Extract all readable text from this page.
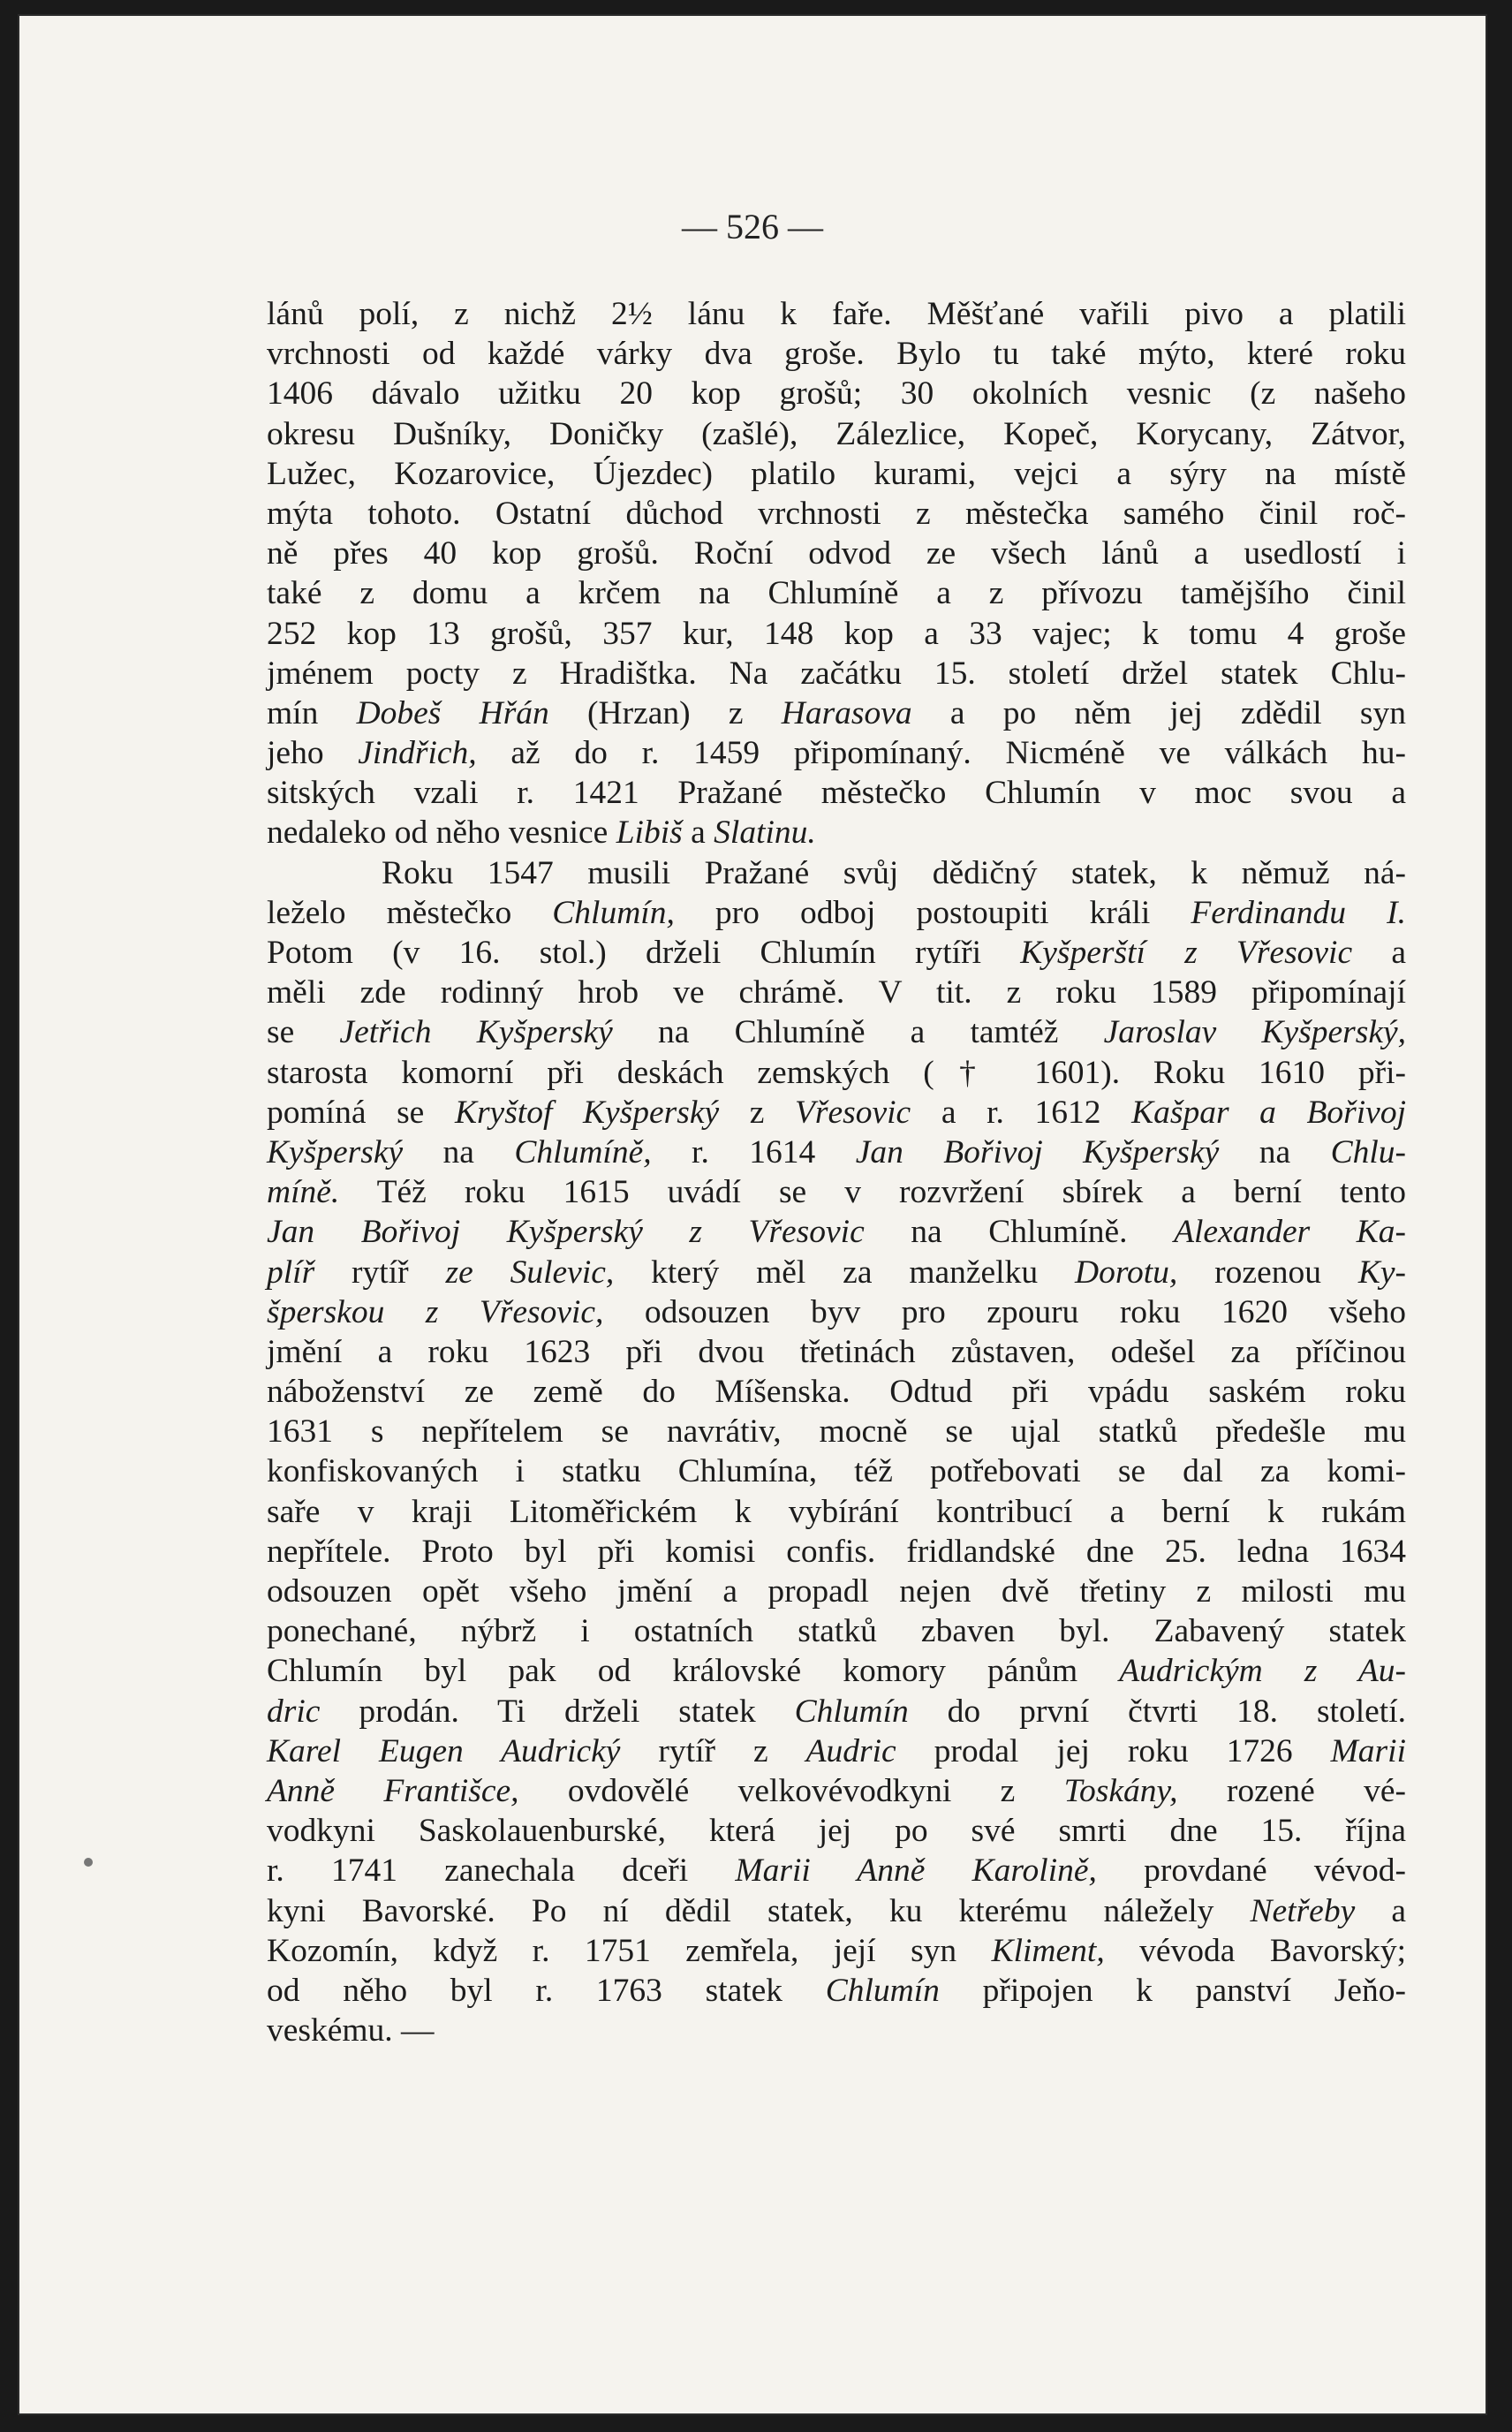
— 526 —
lánů polí, z nichž 2½ lánu k faře. Měšťané vařili pivo a platili
vrchnosti od každé várky dva groše. Bylo tu také mýto, které roku
1406 dávalo užitku 20 kop grošů; 30 okolních vesnic (z našeho
okresu Dušníky, Doničky (zašlé), Zálezlice, Kopeč, Korycany, Zátvor,
Lužec, Kozarovice, Újezdec) platilo kurami, vejci a sýry na místě
mýta tohoto. Ostatní důchod vrchnosti z městečka samého činil roč-
ně přes 40 kop grošů. Roční odvod ze všech lánů a usedlostí i
také z domu a krčem na Chlumíně a z přívozu tamějšího činil
252 kop 13 grošů, 357 kur, 148 kop a 33 vajec; k tomu 4 groše
jménem pocty z Hradištka. Na začátku 15. století držel statek Chlu-
mín Dobeš Hřán (Hrzan) z Harasova a po něm jej zdědil syn
jeho Jindřich, až do r. 1459 připomínaný. Nicméně ve válkách hu-
sitských vzali r. 1421 Pražané městečko Chlumín v moc svou a
nedaleko od něho vesnice Libiš a Slatinu.
Roku 1547 musili Pražané svůj dědičný statek, k němuž ná-
leželo městečko Chlumín, pro odboj postoupiti králi Ferdinandu I.
Potom (v 16. stol.) drželi Chlumín rytíři Kyšperští z Vřesovic a
měli zde rodinný hrob ve chrámě. V tit. z roku 1589 připomínají
se Jetřich Kyšperský na Chlumíně a tamtéž Jaroslav Kyšperský,
starosta komorní při deskách zemských († 1601). Roku 1610 při-
pomíná se Kryštof Kyšperský z Vřesovic a r. 1612 Kašpar a Bořivoj
Kyšperský na Chlumíně, r. 1614 Jan Bořivoj Kyšperský na Chlu-
míně. Též roku 1615 uvádí se v rozvržení sbírek a berní tento
Jan Bořivoj Kyšperský z Vřesovic na Chlumíně. Alexander Ka-
plíř rytíř ze Sulevic, který měl za manželku Dorotu, rozenou Ky-
šperskou z Vřesovic, odsouzen byv pro zpouru roku 1620 všeho
jmění a roku 1623 při dvou třetinách zůstaven, odešel za příčinou
náboženství ze země do Míšenska. Odtud při vpádu saském roku
1631 s nepřítelem se navrátiv, mocně se ujal statků předešle mu
konfiskovaných i statku Chlumína, též potřebovati se dal za komi-
saře v kraji Litoměřickém k vybírání kontribucí a berní k rukám
nepřítele. Proto byl při komisi confis. fridlandské dne 25. ledna 1634
odsouzen opět všeho jmění a propadl nejen dvě třetiny z milosti mu
ponechané, nýbrž i ostatních statků zbaven byl. Zabavený statek
Chlumín byl pak od královské komory pánům Audrickým z Au-
dric prodán. Ti drželi statek Chlumín do první čtvrti 18. století.
Karel Eugen Audrický rytíř z Audric prodal jej roku 1726 Marii
Anně Františce, ovdovělé velkovévodkyni z Toskány, rozené vé-
vodkyni Saskolauenburské, která jej po své smrti dne 15. října
r. 1741 zanechala dceři Marii Anně Karolině, provdané vévod-
kyni Bavorské. Po ní dědil statek, ku kterému náležely Netřeby a
Kozomín, když r. 1751 zemřela, její syn Kliment, vévoda Bavorský;
od něho byl r. 1763 statek Chlumín připojen k panství Jeňo-
veskému. —
